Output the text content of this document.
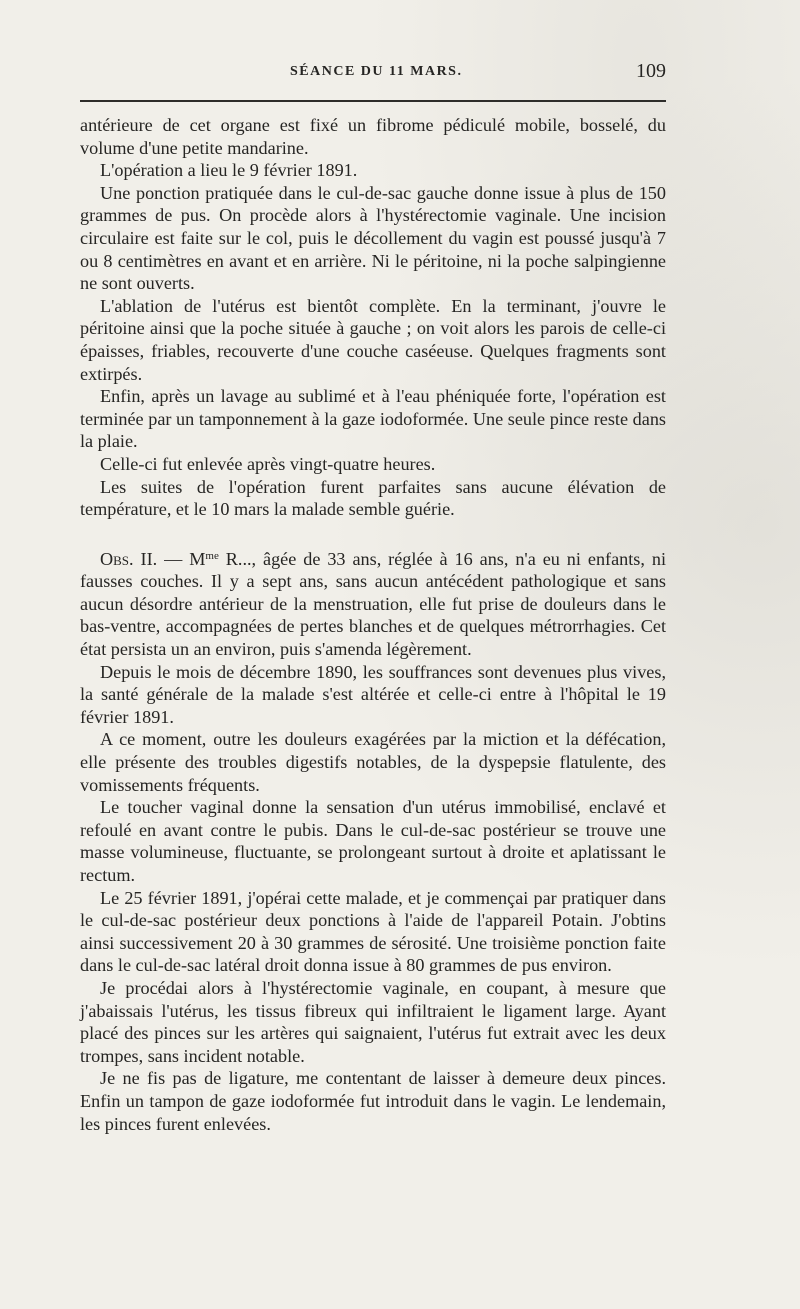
SÉANCE DU 11 MARS.	109

antérieure de cet organe est fixé un fibrome pédiculé mobile, bosselé, du volume d'une petite mandarine.

L'opération a lieu le 9 février 1891.

Une ponction pratiquée dans le cul-de-sac gauche donne issue à plus de 150 grammes de pus. On procède alors à l'hystérectomie vaginale. Une incision circulaire est faite sur le col, puis le décollement du vagin est poussé jusqu'à 7 ou 8 centimètres en avant et en arrière. Ni le péritoine, ni la poche salpingienne ne sont ouverts.

L'ablation de l'utérus est bientôt complète. En la terminant, j'ouvre le péritoine ainsi que la poche située à gauche ; on voit alors les parois de celle-ci épaisses, friables, recouverte d'une couche caséeuse. Quelques fragments sont extirpés.

Enfin, après un lavage au sublimé et à l'eau phéniquée forte, l'opération est terminée par un tamponnement à la gaze iodoformée. Une seule pince reste dans la plaie.

Celle-ci fut enlevée après vingt-quatre heures.

Les suites de l'opération furent parfaites sans aucune élévation de température, et le 10 mars la malade semble guérie.

Obs. II. — $M^{me}$ R..., âgée de 33 ans, réglée à 16 ans, n'a eu ni enfants, ni fausses couches. Il y a sept ans, sans aucun antécédent pathologique et sans aucun désordre antérieur de la menstruation, elle fut prise de douleurs dans le bas-ventre, accompagnées de pertes blanches et de quelques métrorrhagies. Cet état persista un an environ, puis s'amenda légèrement.

Depuis le mois de décembre 1890, les souffrances sont devenues plus vives, la santé générale de la malade s'est altérée et celle-ci entre à l'hôpital le 19 février 1891.

A ce moment, outre les douleurs exagérées par la miction et la défécation, elle présente des troubles digestifs notables, de la dyspepsie flatulente, des vomissements fréquents.

Le toucher vaginal donne la sensation d'un utérus immobilisé, enclavé et refoulé en avant contre le pubis. Dans le cul-de-sac postérieur se trouve une masse volumineuse, fluctuante, se prolongeant surtout à droite et aplatissant le rectum.

Le 25 février 1891, j'opérai cette malade, et je commençai par pratiquer dans le cul-de-sac postérieur deux ponctions à l'aide de l'appareil Potain. J'obtins ainsi successivement 20 à 30 grammes de sérosité. Une troisième ponction faite dans le cul-de-sac latéral droit donna issue à 80 grammes de pus environ.

Je procédai alors à l'hystérectomie vaginale, en coupant, à mesure que j'abaissais l'utérus, les tissus fibreux qui infiltraient le ligament large. Ayant placé des pinces sur les artères qui saignaient, l'utérus fut extrait avec les deux trompes, sans incident notable.

Je ne fis pas de ligature, me contentant de laisser à demeure deux pinces. Enfin un tampon de gaze iodoformée fut introduit dans le vagin. Le lendemain, les pinces furent enlevées.
